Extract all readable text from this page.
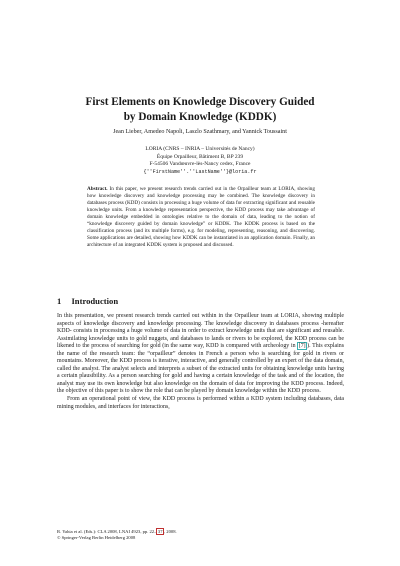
First Elements on Knowledge Discovery Guided
by Domain Knowledge (KDDK)
Jean Lieber, Amedeo Napoli, Laszlo Szathmary, and Yannick Toussaint
LORIA (CNRS – INRIA – Universités de Nancy)
Équipe Orpailleur, Bâtiment B, BP 239
F-54506 Vandœuvre-lès-Nancy cedex, France
{''FirstName''.''LastName''}@loria.fr
Abstract. In this paper, we present research trends carried out in the Orpailleur team at LORIA, showing how knowledge discovery and knowledge processing may be combined. The knowledge discovery in databases process (KDD) consists in processing a huge volume of data for extracting significant and reusable knowledge units. From a knowledge representation perspective, the KDD process may take advantage of domain knowledge embedded in ontologies relative to the domain of data, leading to the notion of “knowledge discovery guided by domain knowledge” or KDDK. The KDDK process is based on the classification process (and its multiple forms), e.g. for modeling, representing, reasoning, and discovering. Some applications are detailed, showing how KDDK can be instantiated in an application domain. Finally, an architecture of an integrated KDDK system is proposed and discussed.
1 Introduction

In this presentation, we present research trends carried out within in the Orpailleur team at LORIA, showing multiple aspects of knowledge discovery and knowledge processing. The knowledge discovery in databases process -hereafter KDD- consists in processing a huge volume of data in order to extract knowledge units that are significant and reusable. Assimilating knowledge units to gold nuggets, and databases to lands or rivers to be explored, the KDD process can be likened to the process of searching for gold (in the same way, KDD is compared with archeology in [7] ). This explains the name of the research team: the “orpailleur” denotes in French a person who is searching for gold in rivers or mountains. Moreover, the KDD process is iterative, interactive, and generally controlled by an expert of the data domain, called the analyst. The analyst selects and interprets a subset of the extracted units for obtaining knowledge units having a certain plausibility. As a person searching for gold and having a certain knowledge of the task and of the location, the analyst may use its own knowledge but also knowledge on the domain of data for improving the KDD process. Indeed, the objective of this paper is to show the role that can be played by domain knowledge within the KDD process.

From an operational point of view, the KDD process is performed within a KDD system including databases, data mining modules, and interfaces for interactions,

R. Yahia et al. (Eds.): CLA 2008, LNAI 4923, pp. 22– 37 , 2008.
© Springer-Verlag Berlin Heidelberg 2008
